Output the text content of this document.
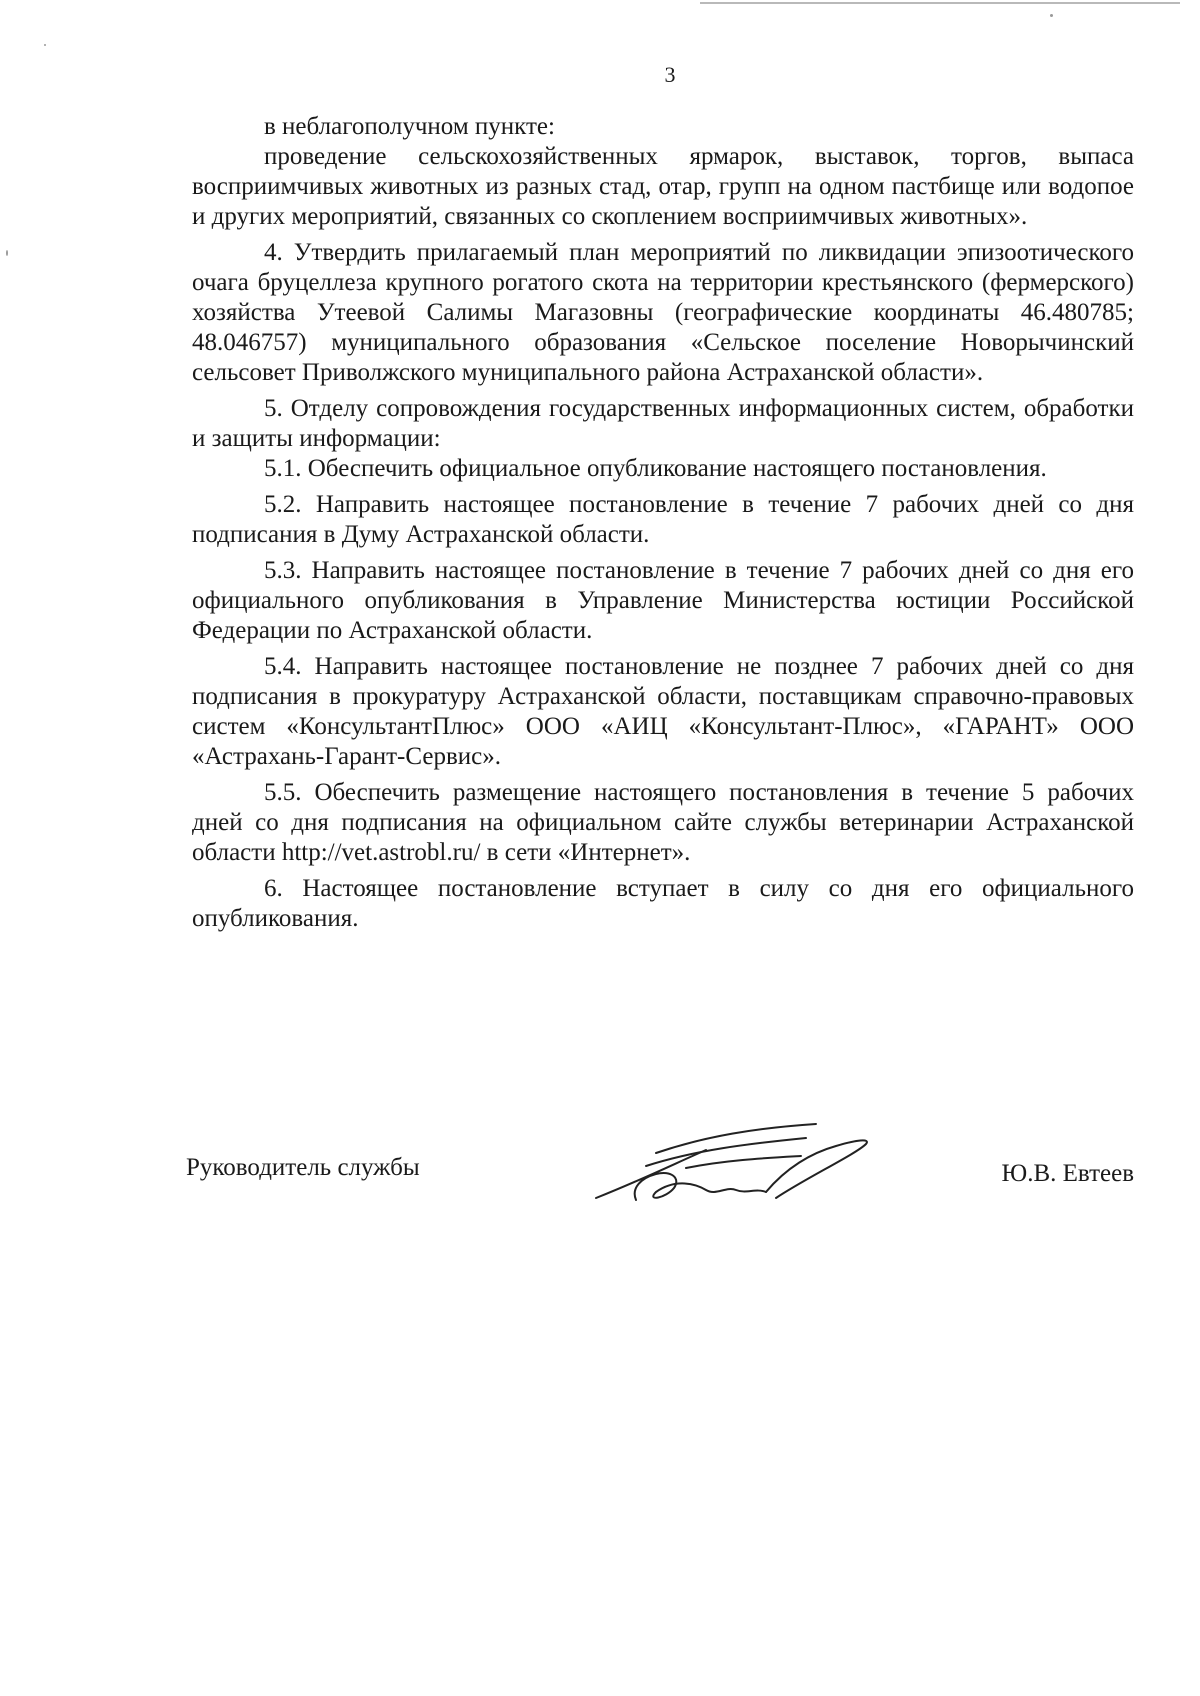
3

в неблагополучном пункте:

проведение сельскохозяйственных ярмарок, выставок, торгов, выпаса восприимчивых животных из разных стад, отар, групп на одном пастбище или водопое и других мероприятий, связанных со скоплением восприимчивых животных».

4. Утвердить прилагаемый план мероприятий по ликвидации эпизоотического очага бруцеллеза крупного рогатого скота на территории крестьянского (фермерского) хозяйства Утеевой Салимы Магазовны (географические координаты 46.480785; 48.046757) муниципального образования «Сельское поселение Новорычинский сельсовет Приволжского муниципального района Астраханской области».

5. Отделу сопровождения государственных информационных систем, обработки и защиты информации:

5.1. Обеспечить официальное опубликование настоящего постановления.

5.2. Направить настоящее постановление в течение 7 рабочих дней со дня подписания в Думу Астраханской области.

5.3. Направить настоящее постановление в течение 7 рабочих дней со дня его официального опубликования в Управление Министерства юстиции Российской Федерации по Астраханской области.

5.4. Направить настоящее постановление не позднее 7 рабочих дней со дня подписания в прокуратуру Астраханской области, поставщикам справочно-правовых систем «КонсультантПлюс» ООО «АИЦ «Консультант-Плюс», «ГАРАНТ» ООО «Астрахань-Гарант-Сервис».

5.5. Обеспечить размещение настоящего постановления в течение 5 рабочих дней со дня подписания на официальном сайте службы ветеринарии Астраханской области http://vet.astrobl.ru/ в сети «Интернет».

6. Настоящее постановление вступает в силу со дня его официального опубликования.

Руководитель службы	Ю.В. Евтеев
